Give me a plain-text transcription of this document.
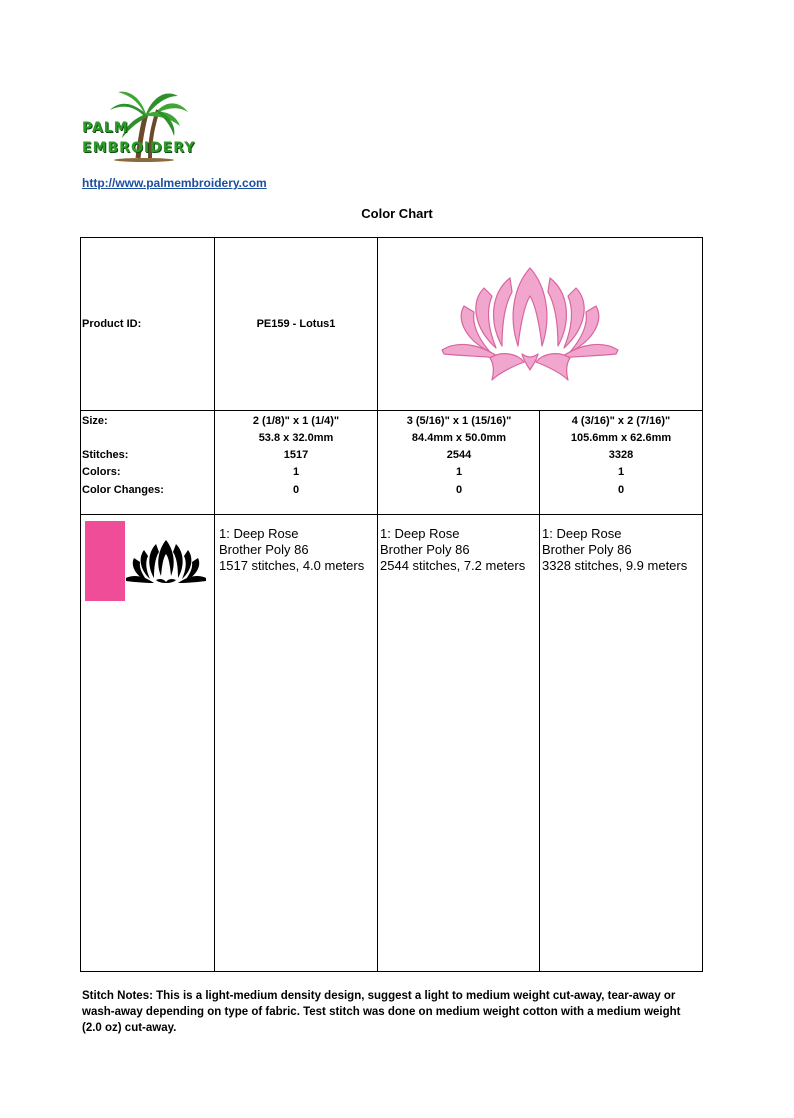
PALM
EMBROIDERY
http://www.palmembroidery.com
Color Chart
Product ID:	PE159 - Lotus1
Size:
Stitches:
Colors:
Color Changes:
2 (1/8)" x 1 (1/4)"
53.8 x 32.0mm
1517
1
0
3 (5/16)" x 1 (15/16)"
84.4mm x 50.0mm
2544
1
0
4 (3/16)" x 2 (7/16)"
105.6mm x 62.6mm
3328
1
0
1: Deep Rose
Brother Poly 86
1517 stitches, 4.0 meters
1: Deep Rose
Brother Poly 86
2544 stitches, 7.2 meters
1: Deep Rose
Brother Poly 86
3328 stitches, 9.9 meters
Stitch Notes: This is a light-medium density design, suggest a light to medium weight cut-away, tear-away or wash-away depending on type of fabric. Test stitch was done on medium weight cotton with a medium weight (2.0 oz) cut-away.
